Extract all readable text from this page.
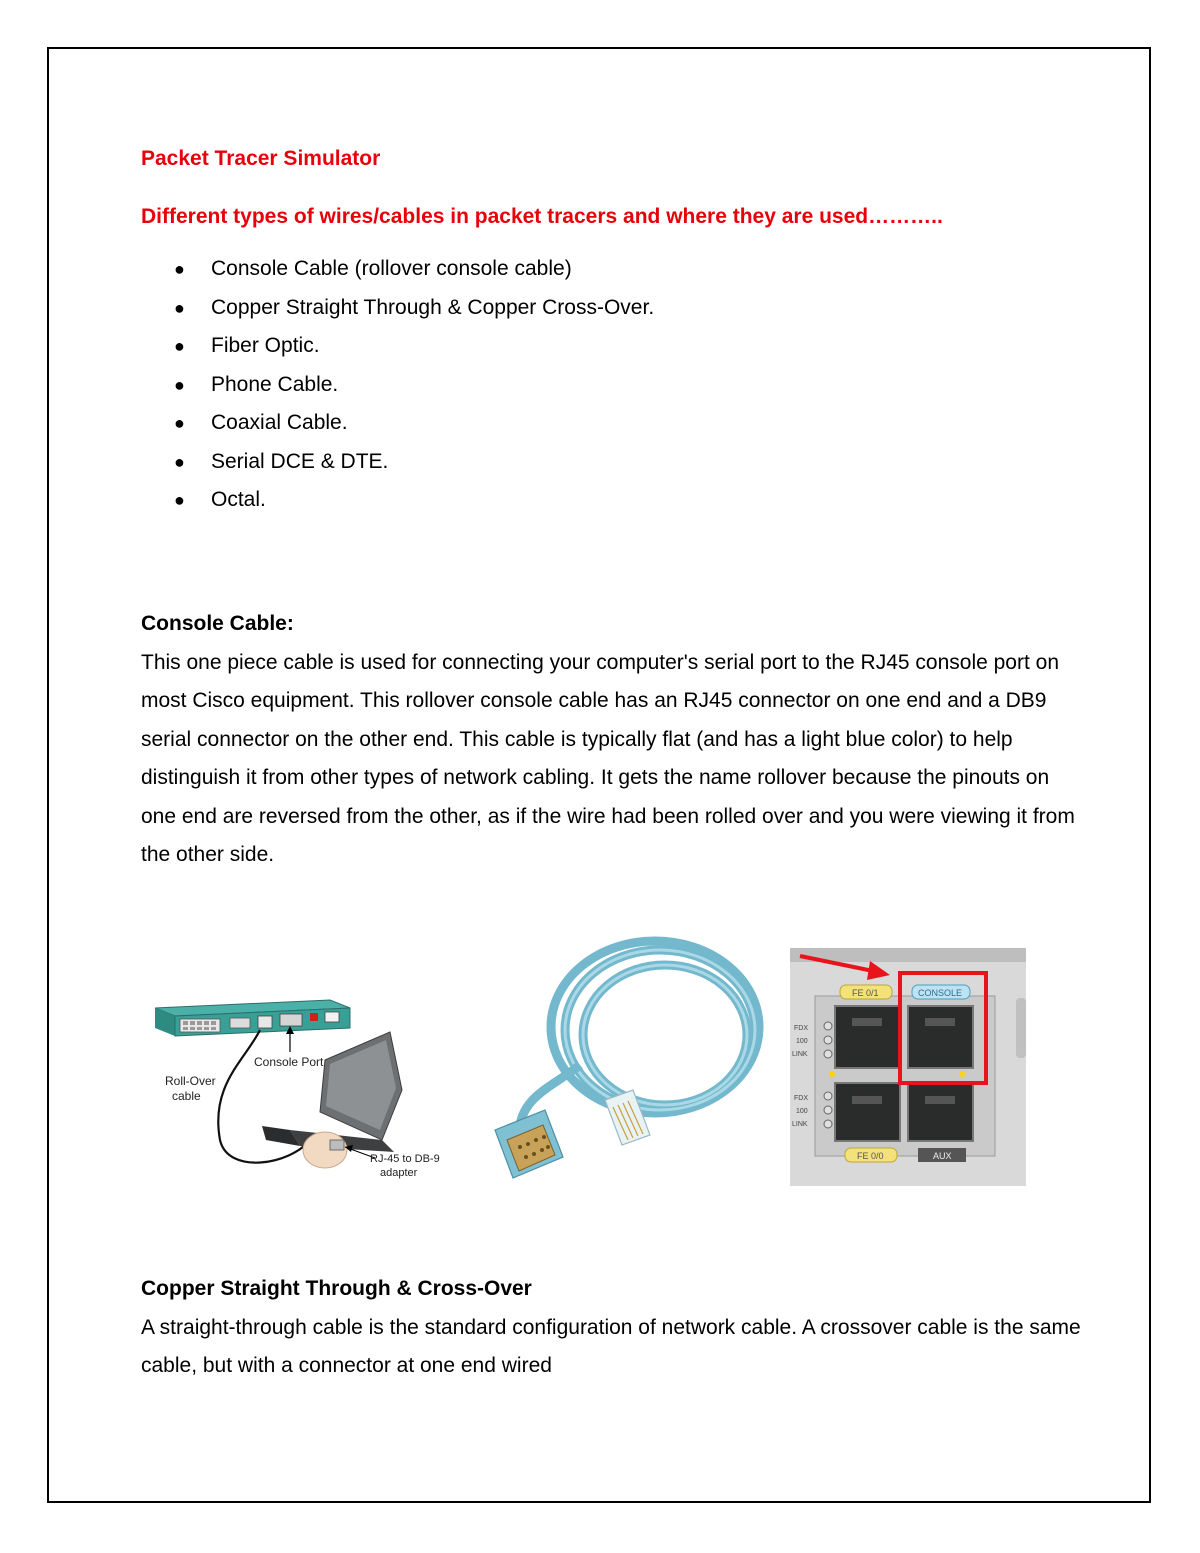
Packet Tracer Simulator

Different types of wires/cables in packet tracers and where they are used………..

● Console Cable (rollover console cable)
● Copper Straight Through & Copper Cross-Over.
● Fiber Optic.
● Phone Cable.
● Coaxial Cable.
● Serial DCE & DTE.
● Octal.

Console Cable:

This one piece cable is used for connecting your computer's serial port to the RJ45 console port on most Cisco equipment. This rollover console cable has an RJ45 connector on one end and a DB9 serial connector on the other end. This cable is typically flat (and has a light blue color) to help distinguish it from other types of network cabling. It gets the name rollover because the pinouts on one end are reversed from the other, as if the wire had been rolled over and you were viewing it from the other side.

Copper Straight Through & Cross-Over

A straight-through cable is the standard configuration of network cable. A crossover cable is the same cable, but with a connector at one end wired

Console Port
Roll-Over
cable
RJ-45 to DB-9
adapter
FE 0/1	CONSOLE
FDX
100
LINK
FDX
100
LINK
FE 0/0	AUX
